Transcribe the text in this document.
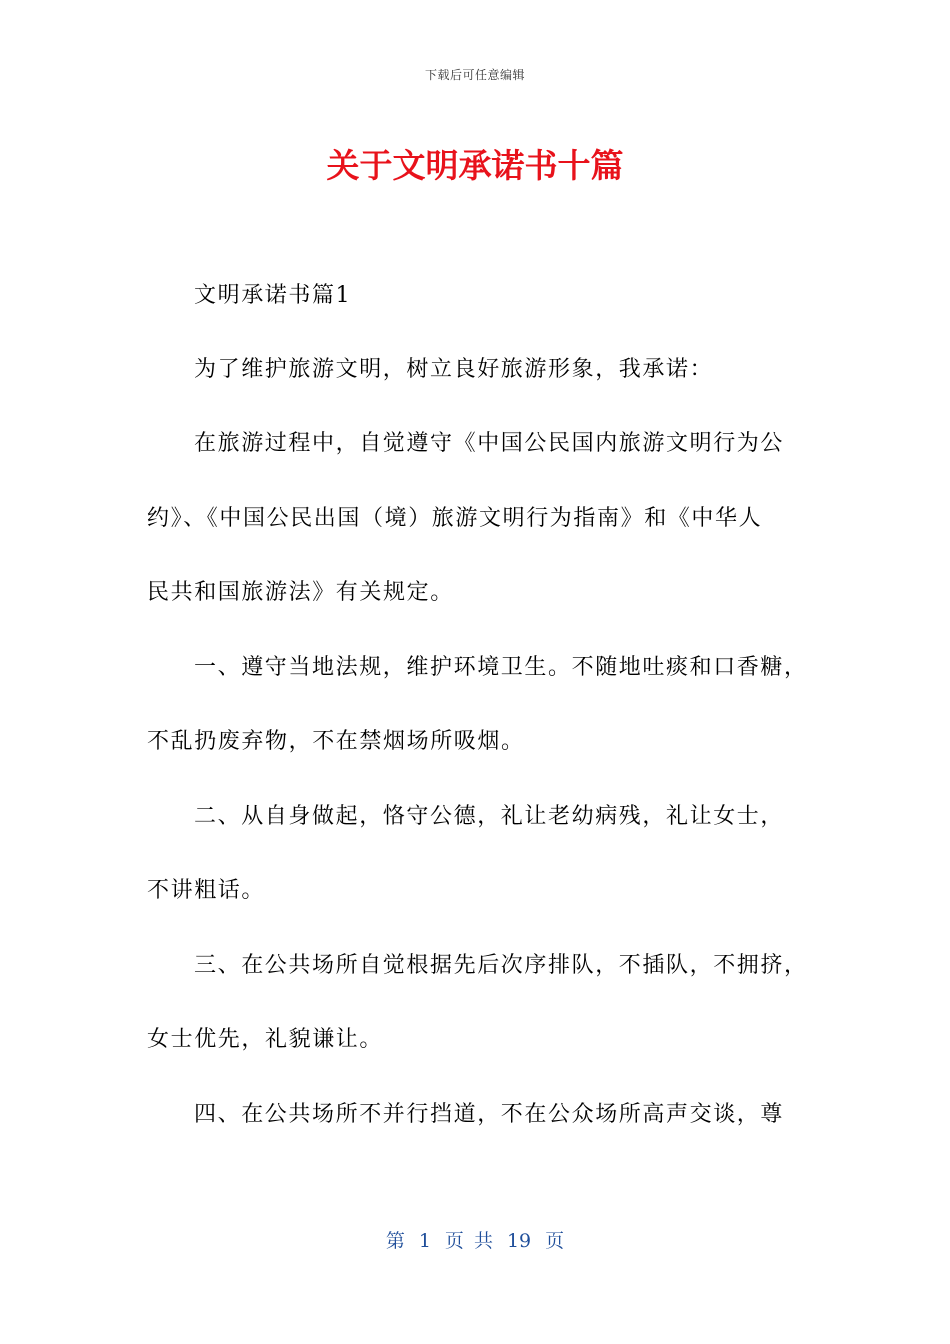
下载后可任意编辑
关于文明承诺书十篇
文明承诺书篇1
为了维护旅游文明，树立良好旅游形象，我承诺：
在旅游过程中，自觉遵守《中国公民国内旅游文明行为公
约》、《中国公民出国（境）旅游文明行为指南》和《中华人
民共和国旅游法》有关规定。
一、遵守当地法规，维护环境卫生。不随地吐痰和口香糖，
不乱扔废弃物，不在禁烟场所吸烟。
二、从自身做起，恪守公德，礼让老幼病残，礼让女士，
不讲粗话。
三、在公共场所自觉根据先后次序排队，不插队，不拥挤，
女士优先，礼貌谦让。
四、在公共场所不并行挡道，不在公众场所高声交谈，尊
第 1 页 共 19 页
